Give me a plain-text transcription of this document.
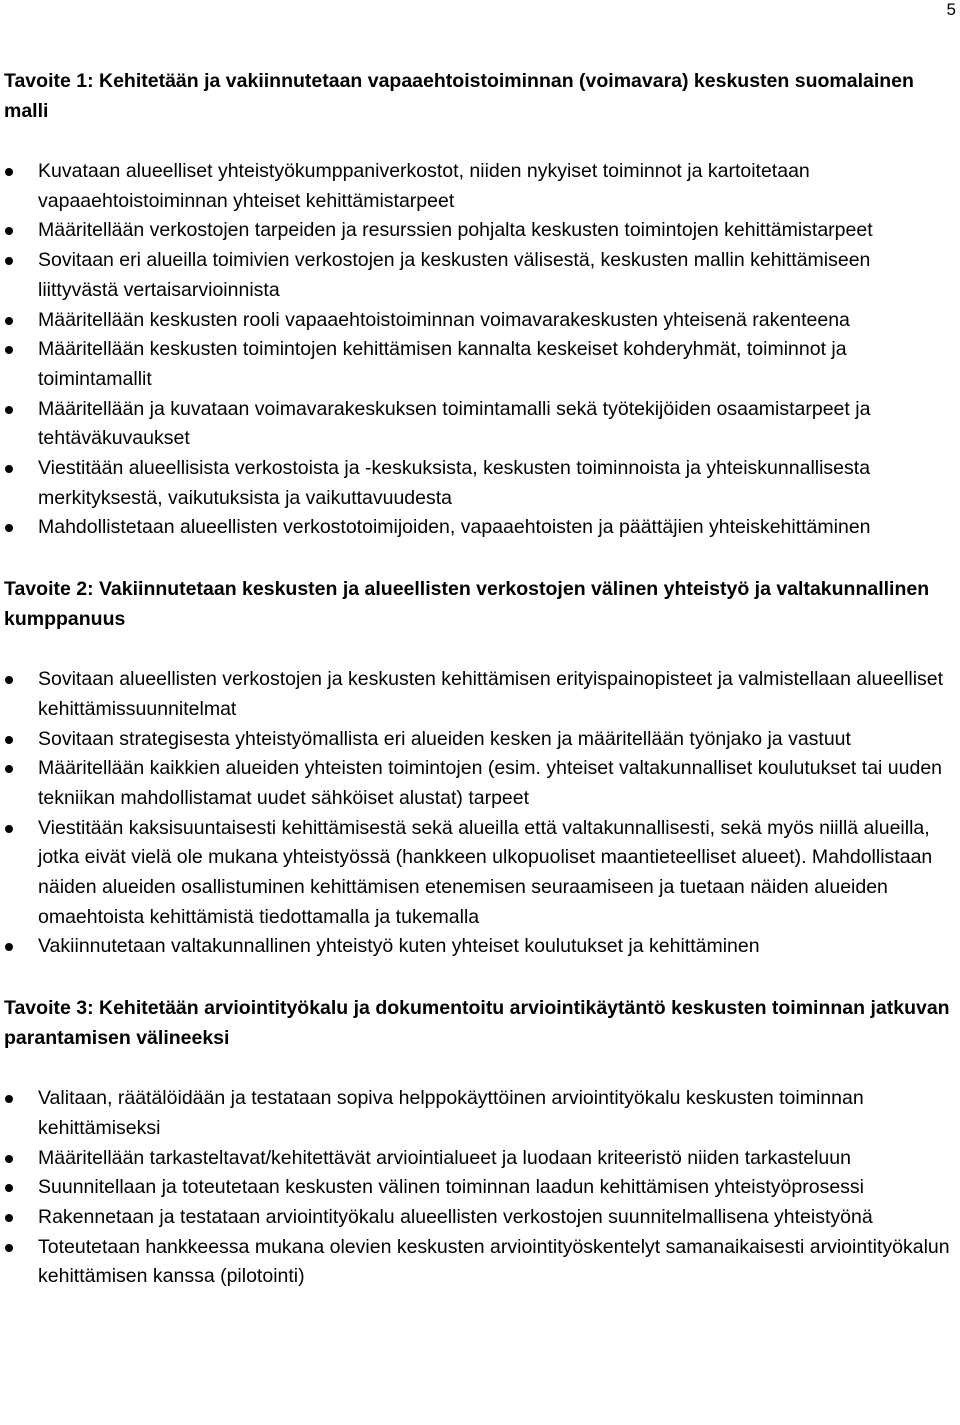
5
Tavoite 1: Kehitetään ja vakiinnutetaan vapaaehtoistoiminnan (voimavara) keskusten suomalainen malli
Kuvataan alueelliset yhteistyökumppaniverkostot, niiden nykyiset toiminnot ja kartoitetaan vapaaehtoistoiminnan yhteiset kehittämistarpeet
Määritellään verkostojen tarpeiden ja resurssien pohjalta keskusten toimintojen kehittämistarpeet
Sovitaan eri alueilla toimivien verkostojen ja keskusten välisestä, keskusten mallin kehittämiseen liittyvästä vertaisarvioinnista
Määritellään keskusten rooli vapaaehtoistoiminnan voimavarakeskusten yhteisenä rakenteena
Määritellään keskusten toimintojen kehittämisen kannalta keskeiset kohderyhmät, toiminnot ja toimintamallit
Määritellään ja kuvataan voimavarakeskuksen toimintamalli sekä työtekijöiden osaamistarpeet ja tehtäväkuvaukset
Viestitään alueellisista verkostoista ja -keskuksista, keskusten toiminnoista ja yhteiskunnallisesta merkityksestä, vaikutuksista ja vaikuttavuudesta
Mahdollistetaan alueellisten verkostotoimijoiden, vapaaehtoisten ja päättäjien yhteiskehittäminen
Tavoite 2: Vakiinnutetaan keskusten ja alueellisten verkostojen välinen yhteistyö ja valtakunnallinen kumppanuus
Sovitaan alueellisten verkostojen ja keskusten kehittämisen erityispainopisteet ja valmistellaan alueelliset kehittämissuunnitelmat
Sovitaan strategisesta yhteistyömallista eri alueiden kesken ja määritellään työnjako ja vastuut
Määritellään kaikkien alueiden yhteisten toimintojen (esim. yhteiset valtakunnalliset koulutukset tai uuden tekniikan mahdollistamat uudet sähköiset alustat) tarpeet
Viestitään kaksisuuntaisesti kehittämisestä sekä alueilla että valtakunnallisesti, sekä myös niillä alueilla, jotka eivät vielä ole mukana yhteistyössä (hankkeen ulkopuoliset maantieteelliset alueet). Mahdollistaan näiden alueiden osallistuminen kehittämisen etenemisen seuraamiseen ja tuetaan näiden alueiden omaehtoista kehittämistä tiedottamalla ja tukemalla
Vakiinnutetaan valtakunnallinen yhteistyö kuten yhteiset koulutukset ja kehittäminen
Tavoite 3: Kehitetään arviointityökalu ja dokumentoitu arviointikäytäntö keskusten toiminnan jatkuvan parantamisen välineeksi
Valitaan, räätälöidään ja testataan sopiva helppokäyttöinen arviointityökalu keskusten toiminnan kehittämiseksi
Määritellään tarkasteltavat/kehitettävät arviointialueet ja luodaan kriteeristö niiden tarkasteluun
Suunnitellaan ja toteutetaan keskusten välinen toiminnan laadun kehittämisen yhteistyöprosessi
Rakennetaan ja testataan arviointityökalu alueellisten verkostojen suunnitelmallisena yhteistyönä
Toteutetaan hankkeessa mukana olevien keskusten arviointityöskentelyt samanaikaisesti arviointityökalun kehittämisen kanssa (pilotointi)
